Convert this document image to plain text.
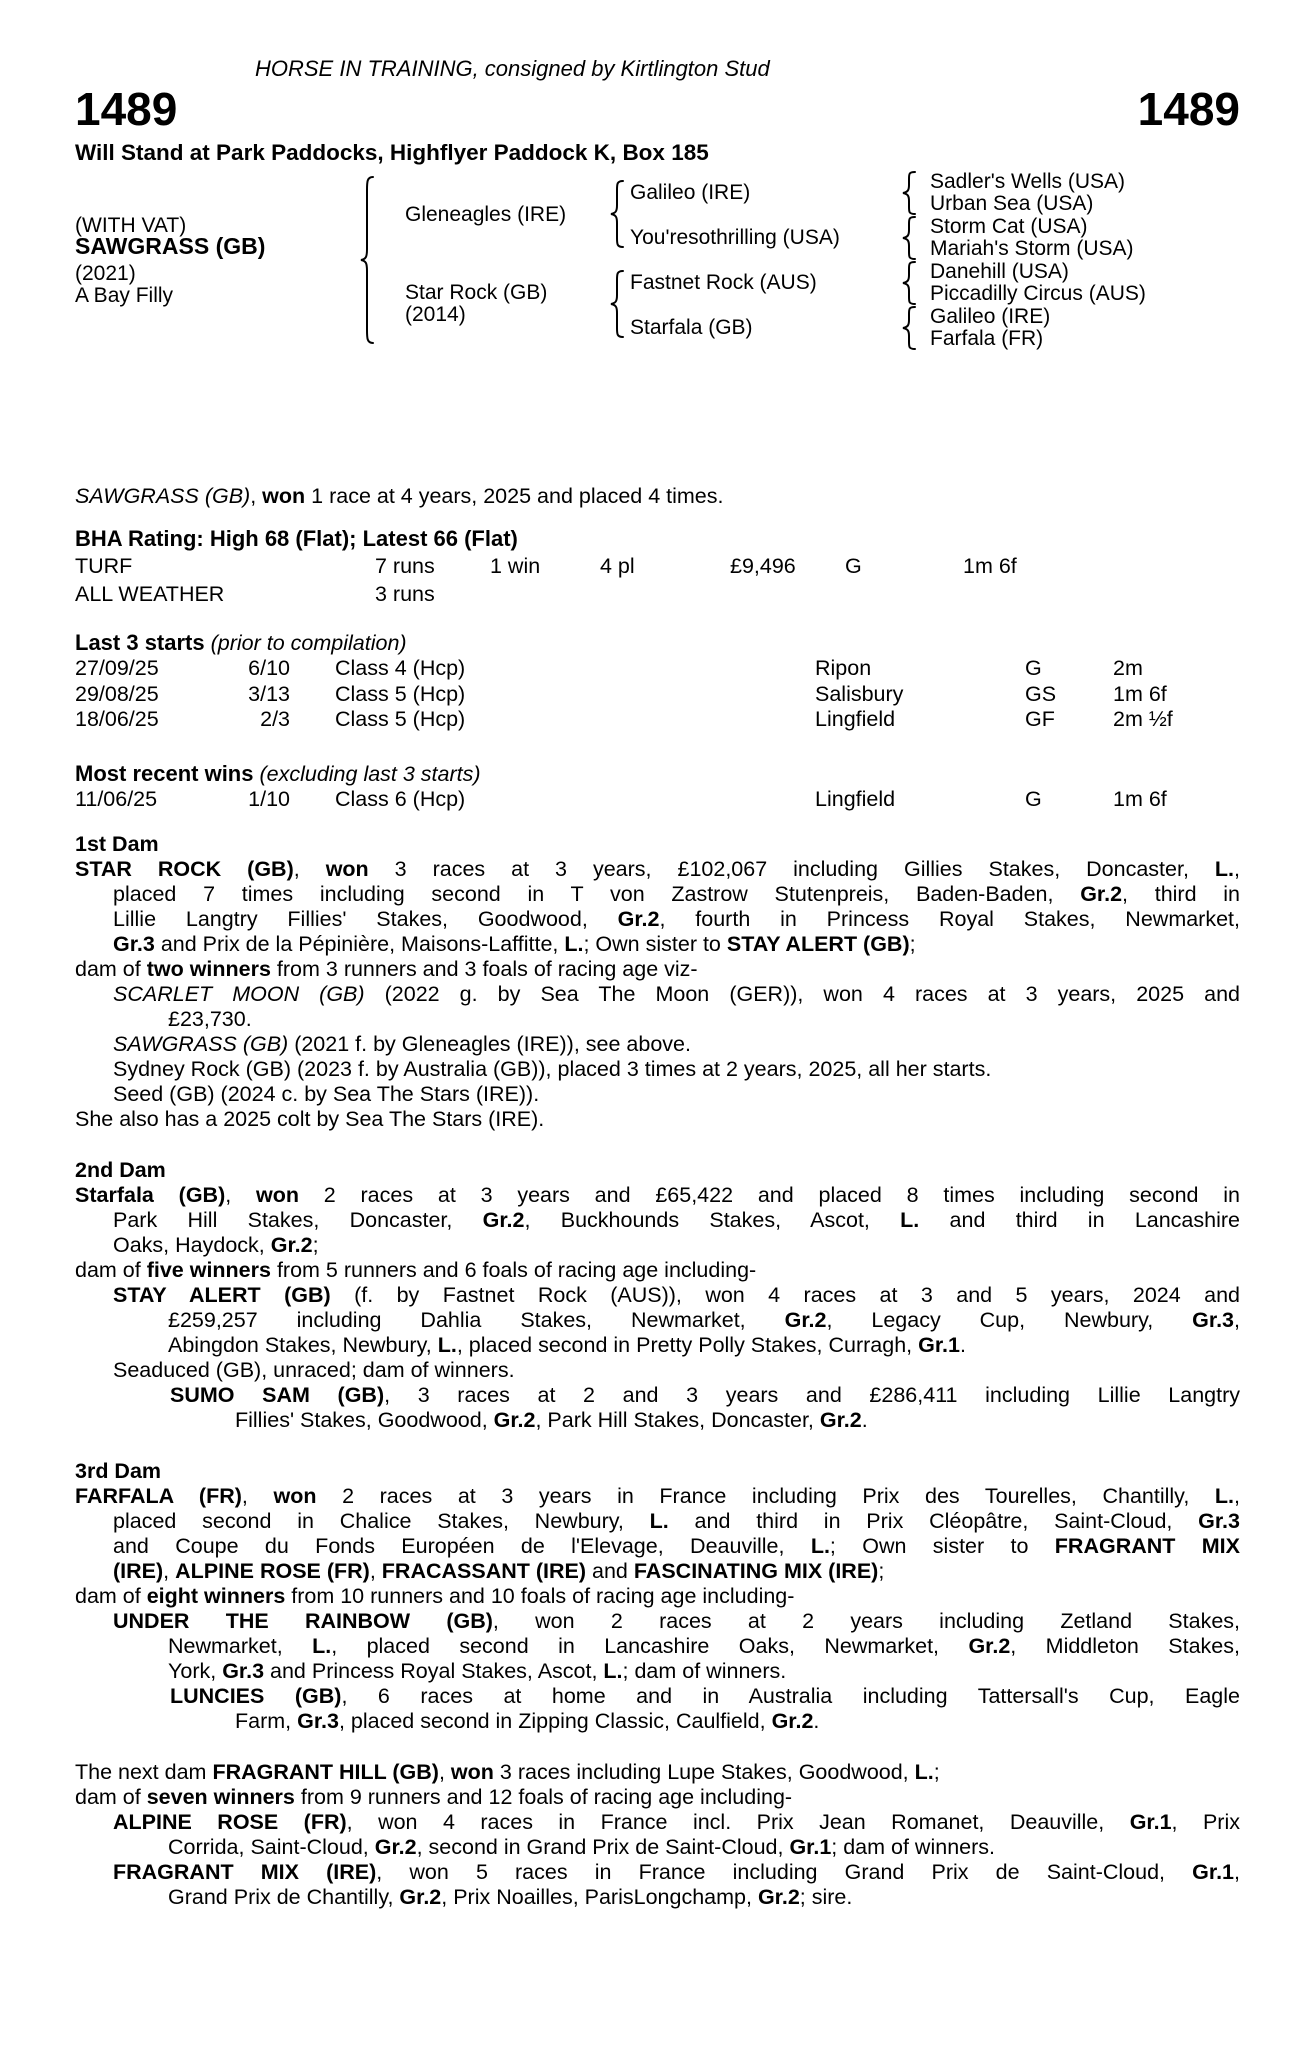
HORSE IN TRAINING, consigned by Kirtlington Stud
1489	1489
Will Stand at Park Paddocks, Highflyer Paddock K, Box 185
(WITH VAT)
SAWGRASS (GB)
(2021)
A Bay Filly
Gleneagles (IRE)
Star Rock (GB)
(2014)
Galileo (IRE)
You'resothrilling (USA)
Fastnet Rock (AUS)
Starfala (GB)
Sadler's Wells (USA)
Urban Sea (USA)
Storm Cat (USA)
Mariah's Storm (USA)
Danehill (USA)
Piccadilly Circus (AUS)
Galileo (IRE)
Farfala (FR)
SAWGRASS (GB), won 1 race at 4 years, 2025 and placed 4 times.
BHA Rating: High 68 (Flat); Latest 66 (Flat)
TURF	7 runs	1 win	4 pl	£9,496	G	1m 6f
ALL WEATHER	3 runs
Last 3 starts (prior to compilation)
27/09/25	6/10	Class 4 (Hcp)	Ripon	G	2m
29/08/25	3/13	Class 5 (Hcp)	Salisbury	GS	1m 6f
18/06/25	2/3	Class 5 (Hcp)	Lingfield	GF	2m ½f
Most recent wins (excluding last 3 starts)
11/06/25	1/10	Class 6 (Hcp)	Lingfield	G	1m 6f
1st Dam
STAR ROCK (GB), won 3 races at 3 years, £102,067 including Gillies Stakes, Doncaster, L.,
placed 7 times including second in T von Zastrow Stutenpreis, Baden-Baden, Gr.2, third in
Lillie Langtry Fillies' Stakes, Goodwood, Gr.2, fourth in Princess Royal Stakes, Newmarket,
Gr.3 and Prix de la Pépinière, Maisons-Laffitte, L.; Own sister to STAY ALERT (GB);
dam of two winners from 3 runners and 3 foals of racing age viz-
SCARLET MOON (GB) (2022 g. by Sea The Moon (GER)), won 4 races at 3 years, 2025 and
£23,730.
SAWGRASS (GB) (2021 f. by Gleneagles (IRE)), see above.
Sydney Rock (GB) (2023 f. by Australia (GB)), placed 3 times at 2 years, 2025, all her starts.
Seed (GB) (2024 c. by Sea The Stars (IRE)).
She also has a 2025 colt by Sea The Stars (IRE).
2nd Dam
Starfala (GB), won 2 races at 3 years and £65,422 and placed 8 times including second in
Park Hill Stakes, Doncaster, Gr.2, Buckhounds Stakes, Ascot, L. and third in Lancashire
Oaks, Haydock, Gr.2;
dam of five winners from 5 runners and 6 foals of racing age including-
STAY ALERT (GB) (f. by Fastnet Rock (AUS)), won 4 races at 3 and 5 years, 2024 and
£259,257 including Dahlia Stakes, Newmarket, Gr.2, Legacy Cup, Newbury, Gr.3,
Abingdon Stakes, Newbury, L., placed second in Pretty Polly Stakes, Curragh, Gr.1.
Seaduced (GB), unraced; dam of winners.
SUMO SAM (GB), 3 races at 2 and 3 years and £286,411 including Lillie Langtry
Fillies' Stakes, Goodwood, Gr.2, Park Hill Stakes, Doncaster, Gr.2.
3rd Dam
FARFALA (FR), won 2 races at 3 years in France including Prix des Tourelles, Chantilly, L.,
placed second in Chalice Stakes, Newbury, L. and third in Prix Cléopâtre, Saint-Cloud, Gr.3
and Coupe du Fonds Européen de l'Elevage, Deauville, L.; Own sister to FRAGRANT MIX
(IRE), ALPINE ROSE (FR), FRACASSANT (IRE) and FASCINATING MIX (IRE);
dam of eight winners from 10 runners and 10 foals of racing age including-
UNDER THE RAINBOW (GB), won 2 races at 2 years including Zetland Stakes,
Newmarket, L., placed second in Lancashire Oaks, Newmarket, Gr.2, Middleton Stakes,
York, Gr.3 and Princess Royal Stakes, Ascot, L.; dam of winners.
LUNCIES (GB), 6 races at home and in Australia including Tattersall's Cup, Eagle
Farm, Gr.3, placed second in Zipping Classic, Caulfield, Gr.2.
The next dam FRAGRANT HILL (GB), won 3 races including Lupe Stakes, Goodwood, L.;
dam of seven winners from 9 runners and 12 foals of racing age including-
ALPINE ROSE (FR), won 4 races in France incl. Prix Jean Romanet, Deauville, Gr.1, Prix
Corrida, Saint-Cloud, Gr.2, second in Grand Prix de Saint-Cloud, Gr.1; dam of winners.
FRAGRANT MIX (IRE), won 5 races in France including Grand Prix de Saint-Cloud, Gr.1,
Grand Prix de Chantilly, Gr.2, Prix Noailles, ParisLongchamp, Gr.2; sire.
